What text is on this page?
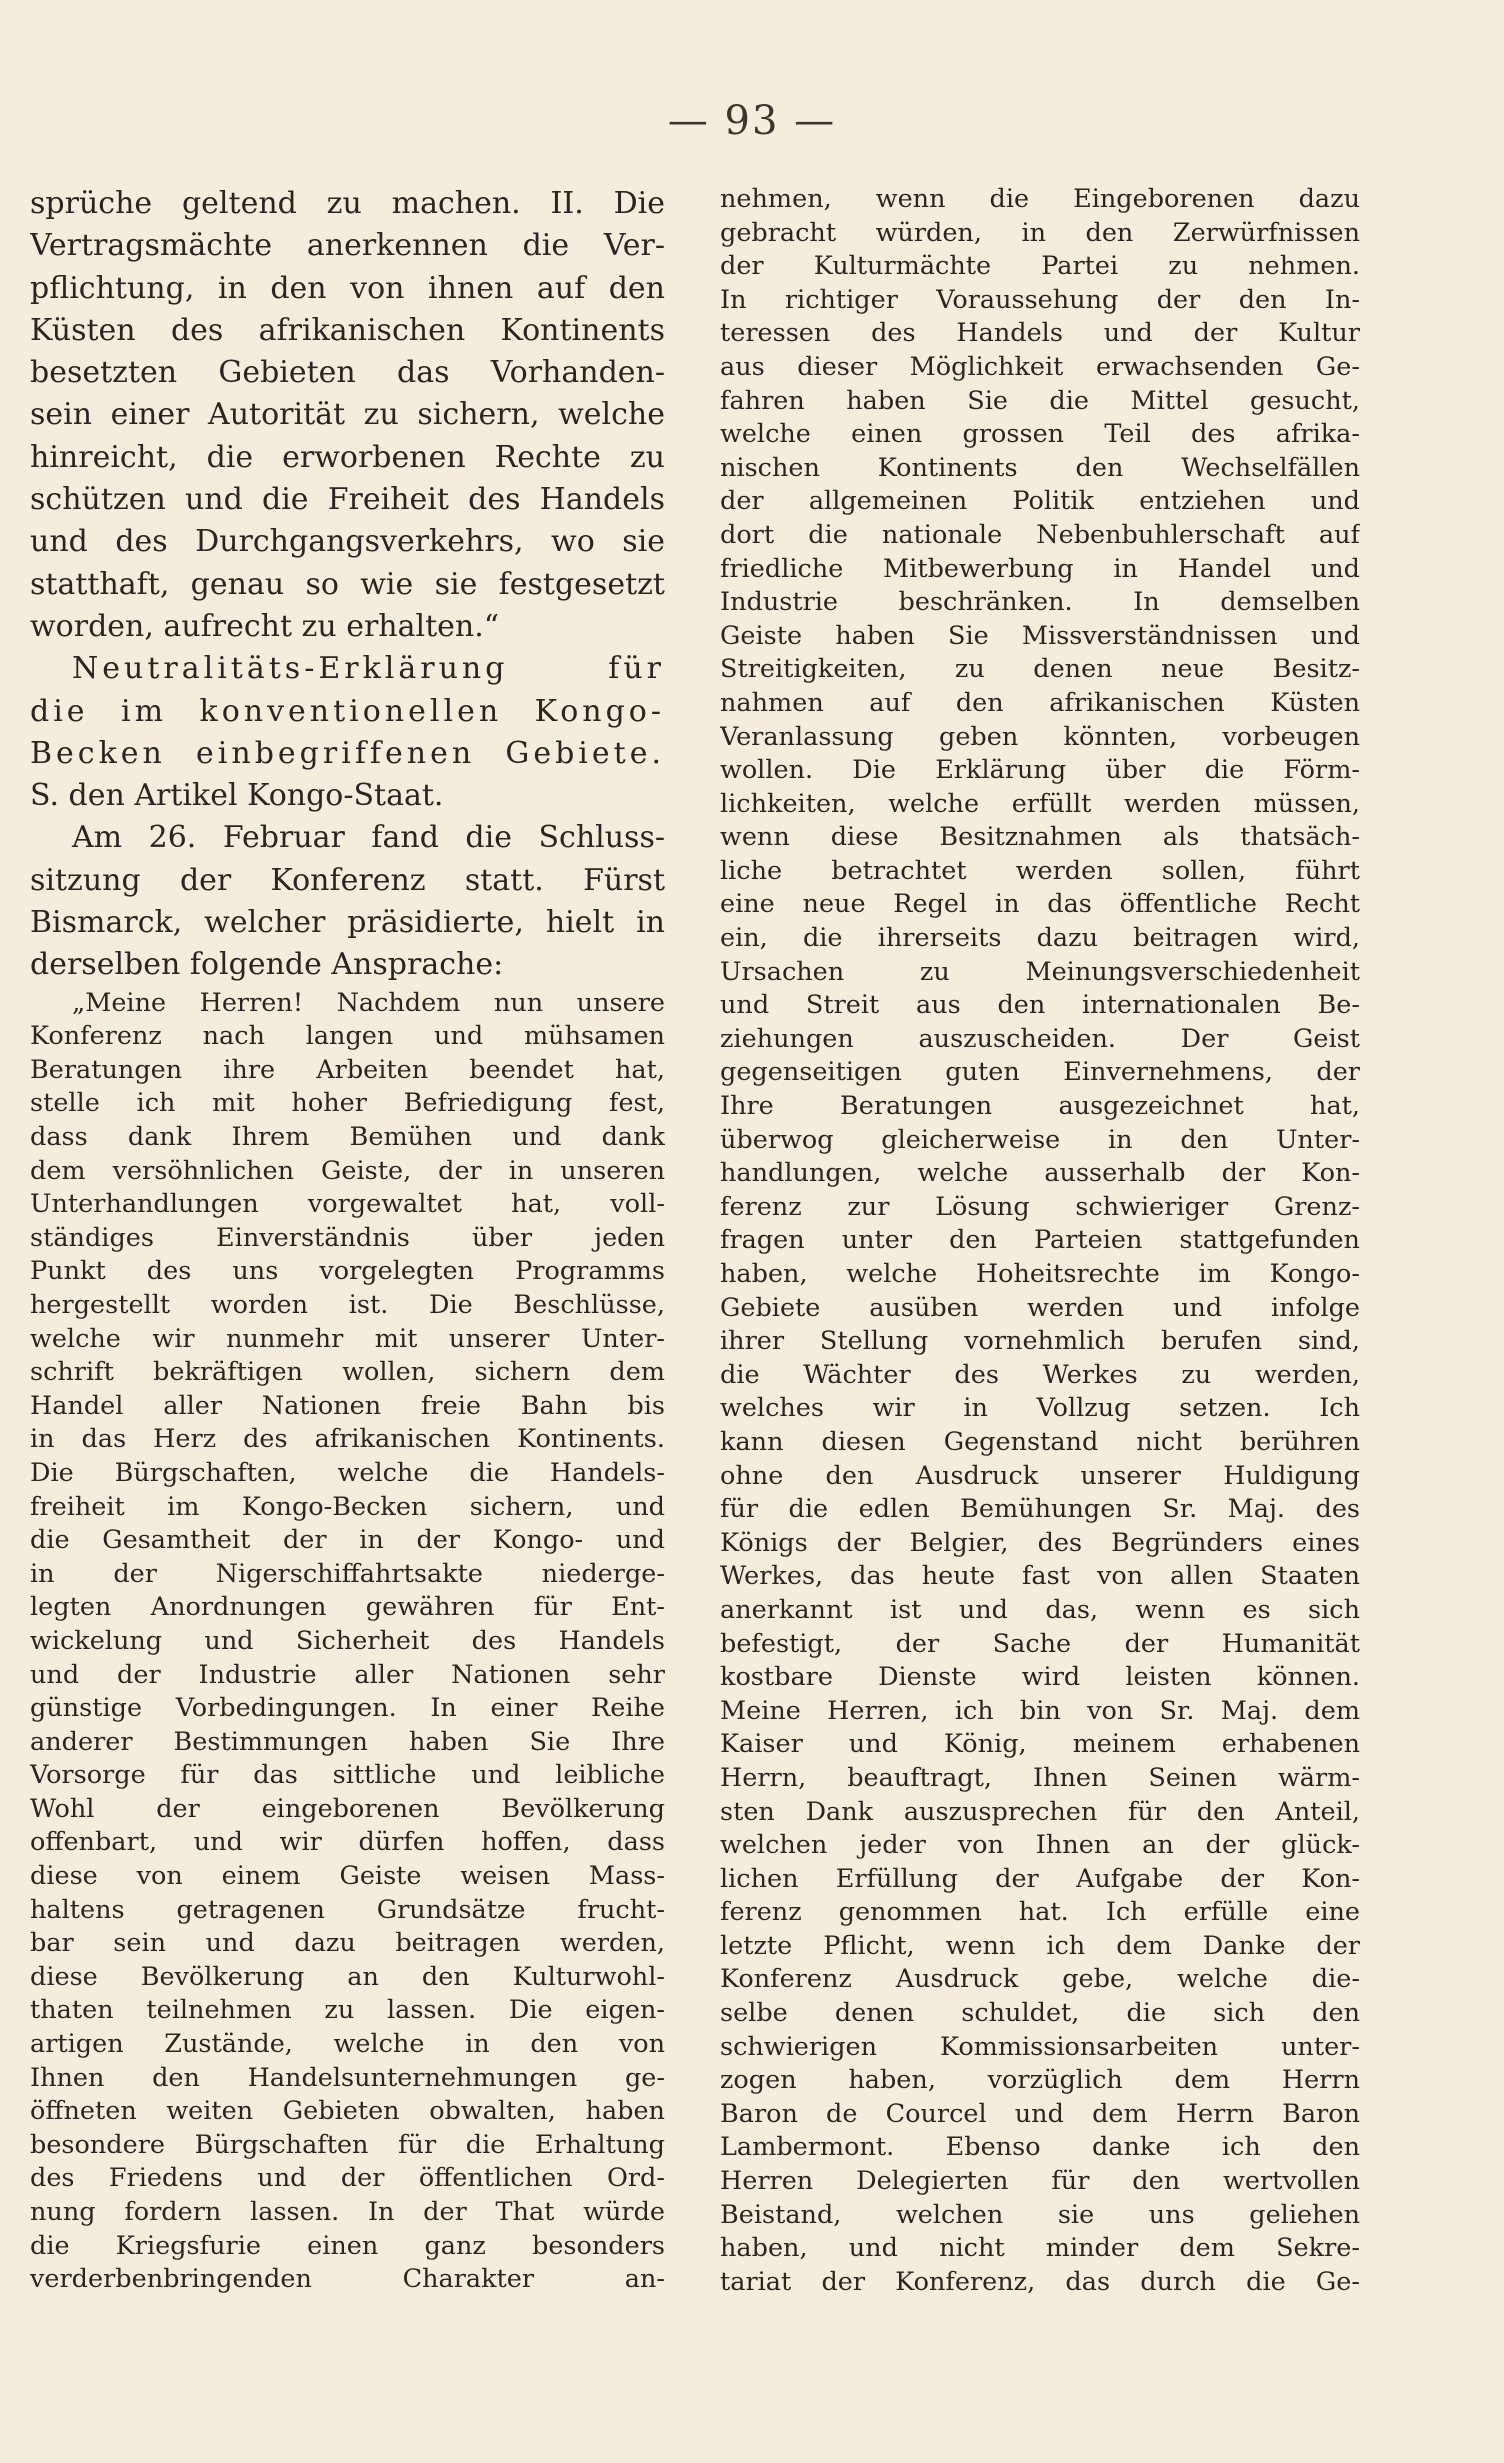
— 93 —
sprüche geltend zu machen. II. Die
Vertragsmächte anerkennen die Ver-
pflichtung, in den von ihnen auf den
Küsten des afrikanischen Kontinents
besetzten Gebieten das Vorhanden-
sein einer Autorität zu sichern, welche
hinreicht, die erworbenen Rechte zu
schützen und die Freiheit des Handels
und des Durchgangsverkehrs, wo sie
statthaft, genau so wie sie festgesetzt
worden, aufrecht zu erhalten.“
Neutralitäts-Erklärung für
die im konventionellen Kongo-
Becken einbegriffenen Gebiete.
S. den Artikel Kongo-Staat.
Am 26. Februar fand die Schluss-
sitzung der Konferenz statt. Fürst
Bismarck, welcher präsidierte, hielt in
derselben folgende Ansprache:
„Meine Herren! Nachdem nun unsere
Konferenz nach langen und mühsamen
Beratungen ihre Arbeiten beendet hat,
stelle ich mit hoher Befriedigung fest,
dass dank Ihrem Bemühen und dank
dem versöhnlichen Geiste, der in unseren
Unterhandlungen vorgewaltet hat, voll-
ständiges Einverständnis über jeden
Punkt des uns vorgelegten Programms
hergestellt worden ist. Die Beschlüsse,
welche wir nunmehr mit unserer Unter-
schrift bekräftigen wollen, sichern dem
Handel aller Nationen freie Bahn bis
in das Herz des afrikanischen Kontinents.
Die Bürgschaften, welche die Handels-
freiheit im Kongo-Becken sichern, und
die Gesamtheit der in der Kongo- und
in der Nigerschiffahrtsakte niederge-
legten Anordnungen gewähren für Ent-
wickelung und Sicherheit des Handels
und der Industrie aller Nationen sehr
günstige Vorbedingungen. In einer Reihe
anderer Bestimmungen haben Sie Ihre
Vorsorge für das sittliche und leibliche
Wohl der eingeborenen Bevölkerung
offenbart, und wir dürfen hoffen, dass
diese von einem Geiste weisen Mass-
haltens getragenen Grundsätze frucht-
bar sein und dazu beitragen werden,
diese Bevölkerung an den Kulturwohl-
thaten teilnehmen zu lassen. Die eigen-
artigen Zustände, welche in den von
Ihnen den Handelsunternehmungen ge-
öffneten weiten Gebieten obwalten, haben
besondere Bürgschaften für die Erhaltung
des Friedens und der öffentlichen Ord-
nung fordern lassen. In der That würde
die Kriegsfurie einen ganz besonders
verderbenbringenden Charakter an-
nehmen, wenn die Eingeborenen dazu
gebracht würden, in den Zerwürfnissen
der Kulturmächte Partei zu nehmen.
In richtiger Voraussehung der den In-
teressen des Handels und der Kultur
aus dieser Möglichkeit erwachsenden Ge-
fahren haben Sie die Mittel gesucht,
welche einen grossen Teil des afrika-
nischen Kontinents den Wechselfällen
der allgemeinen Politik entziehen und
dort die nationale Nebenbuhlerschaft auf
friedliche Mitbewerbung in Handel und
Industrie beschränken. In demselben
Geiste haben Sie Missverständnissen und
Streitigkeiten, zu denen neue Besitz-
nahmen auf den afrikanischen Küsten
Veranlassung geben könnten, vorbeugen
wollen. Die Erklärung über die Förm-
lichkeiten, welche erfüllt werden müssen,
wenn diese Besitznahmen als thatsäch-
liche betrachtet werden sollen, führt
eine neue Regel in das öffentliche Recht
ein, die ihrerseits dazu beitragen wird,
Ursachen zu Meinungsverschiedenheit
und Streit aus den internationalen Be-
ziehungen auszuscheiden. Der Geist
gegenseitigen guten Einvernehmens, der
Ihre Beratungen ausgezeichnet hat,
überwog gleicherweise in den Unter-
handlungen, welche ausserhalb der Kon-
ferenz zur Lösung schwieriger Grenz-
fragen unter den Parteien stattgefunden
haben, welche Hoheitsrechte im Kongo-
Gebiete ausüben werden und infolge
ihrer Stellung vornehmlich berufen sind,
die Wächter des Werkes zu werden,
welches wir in Vollzug setzen. Ich
kann diesen Gegenstand nicht berühren
ohne den Ausdruck unserer Huldigung
für die edlen Bemühungen Sr. Maj. des
Königs der Belgier, des Begründers eines
Werkes, das heute fast von allen Staaten
anerkannt ist und das, wenn es sich
befestigt, der Sache der Humanität
kostbare Dienste wird leisten können.
Meine Herren, ich bin von Sr. Maj. dem
Kaiser und König, meinem erhabenen
Herrn, beauftragt, Ihnen Seinen wärm-
sten Dank auszusprechen für den Anteil,
welchen jeder von Ihnen an der glück-
lichen Erfüllung der Aufgabe der Kon-
ferenz genommen hat. Ich erfülle eine
letzte Pflicht, wenn ich dem Danke der
Konferenz Ausdruck gebe, welche die-
selbe denen schuldet, die sich den
schwierigen Kommissionsarbeiten unter-
zogen haben, vorzüglich dem Herrn
Baron de Courcel und dem Herrn Baron
Lambermont. Ebenso danke ich den
Herren Delegierten für den wertvollen
Beistand, welchen sie uns geliehen
haben, und nicht minder dem Sekre-
tariat der Konferenz, das durch die Ge-
